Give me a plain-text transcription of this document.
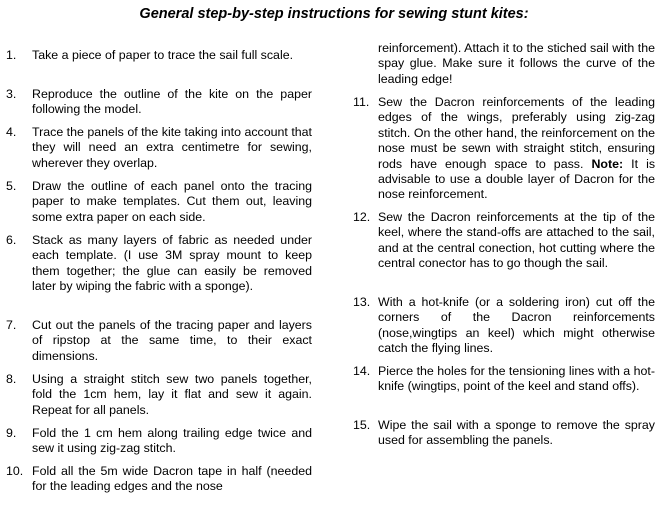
General step-by-step instructions for sewing stunt kites:
1. Take a piece of paper to trace the sail full scale.
3. Reproduce the outline of the kite on the paper following the model.
4. Trace the panels of the kite taking into account that they will need an extra centimetre for sewing, wherever they overlap.
5. Draw the outline of each panel onto the tracing paper to make templates. Cut them out, leaving some extra paper on each side.
6. Stack as many layers of fabric as needed under each template. (I use 3M spray mount to keep them together; the glue can easily be removed later by wiping the fabric with a sponge).
7. Cut out the panels of the tracing paper and layers of ripstop at the same time, to their exact dimensions.
8. Using a straight stitch sew two panels together, fold the 1cm hem, lay it flat and sew it again. Repeat for all panels.
9. Fold the 1 cm hem along trailing edge twice and sew it using zig-zag stitch.
10. Fold all the 5m wide Dacron tape in half (needed for the leading edges and the nose
reinforcement). Attach it to the stiched sail with the spay glue. Make sure it follows the curve of the leading edge!
11. Sew the Dacron reinforcements of the leading edges of the wings, preferably using zig-zag stitch. On the other hand, the reinforcement on the nose must be sewn with straight stitch, ensuring rods have enough space to pass. Note: It is advisable to use a double layer of Dacron for the nose reinforcement.
12. Sew the Dacron reinforcements at the tip of the keel, where the stand-offs are attached to the sail, and at the central conection, hot cutting where the central conector has to go though the sail.
13. With a hot-knife (or a soldering iron) cut off the corners of the Dacron reinforcements (nose,wingtips an keel) which might otherwise catch the flying lines.
14. Pierce the holes for the tensioning lines with a hot-knife (wingtips, point of the keel and stand offs).
15. Wipe the sail with a sponge to remove the spray used for assembling the panels.
